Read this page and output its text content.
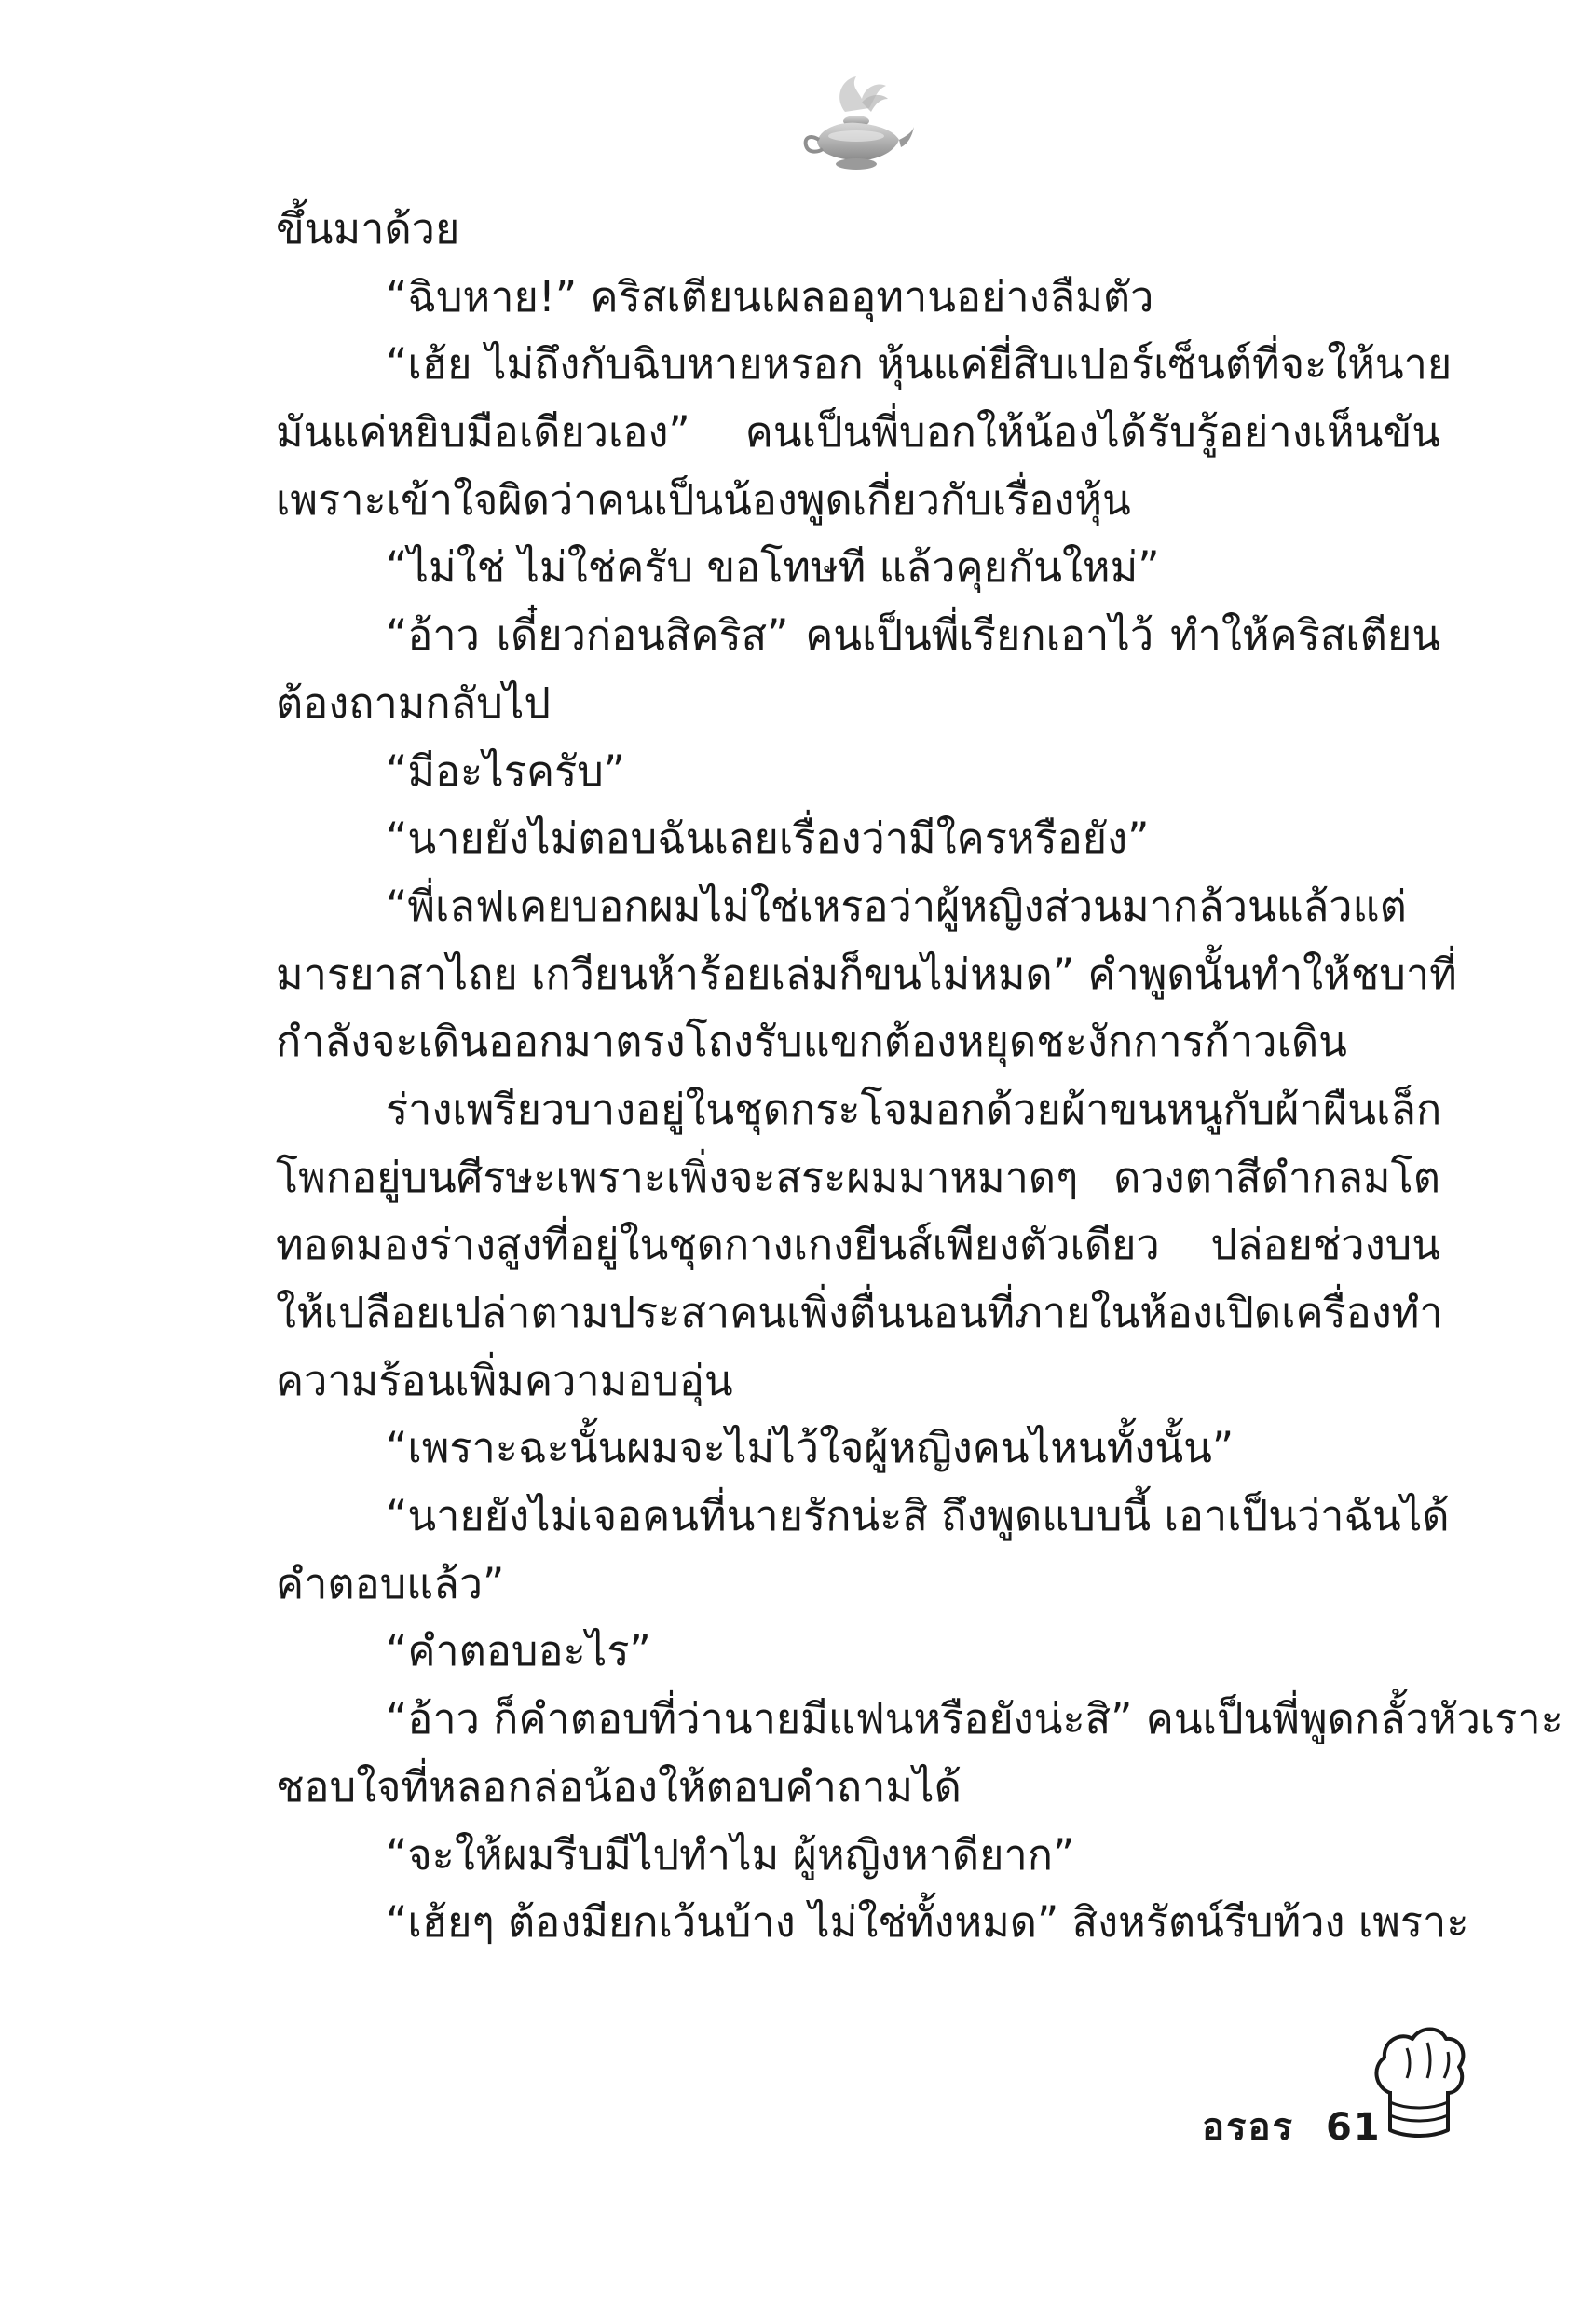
ขึ้นมาด้วย
“ฉิบหาย!” คริสเตียนเผลออุทานอย่างลืมตัว
“เฮ้ย ไม่ถึงกับฉิบหายหรอก หุ้นแค่ยี่สิบเปอร์เซ็นต์ที่จะให้นาย
มันแค่หยิบมือเดียวเอง” คนเป็นพี่บอกให้น้องได้รับรู้อย่างเห็นขัน
เพราะเข้าใจผิดว่าคนเป็นน้องพูดเกี่ยวกับเรื่องหุ้น
“ไม่ใช่ ไม่ใช่ครับ ขอโทษที แล้วคุยกันใหม่”
“อ้าว เดี๋ยวก่อนสิคริส” คนเป็นพี่เรียกเอาไว้ ทำให้คริสเตียน
ต้องถามกลับไป
“มีอะไรครับ”
“นายยังไม่ตอบฉันเลยเรื่องว่ามีใครหรือยัง”
“พี่เลฟเคยบอกผมไม่ใช่เหรอว่าผู้หญิงส่วนมากล้วนแล้วแต่
มารยาสาไถย เกวียนห้าร้อยเล่มก็ขนไม่หมด” คำพูดนั้นทำให้ชบาที่
กำลังจะเดินออกมาตรงโถงรับแขกต้องหยุดชะงักการก้าวเดิน
ร่างเพรียวบางอยู่ในชุดกระโจมอกด้วยผ้าขนหนูกับผ้าผืนเล็ก
โพกอยู่บนศีรษะเพราะเพิ่งจะสระผมมาหมาดๆ ดวงตาสีดำกลมโต
ทอดมองร่างสูงที่อยู่ในชุดกางเกงยีนส์เพียงตัวเดียว ปล่อยช่วงบน
ให้เปลือยเปล่าตามประสาคนเพิ่งตื่นนอนที่ภายในห้องเปิดเครื่องทำ
ความร้อนเพิ่มความอบอุ่น
“เพราะฉะนั้นผมจะไม่ไว้ใจผู้หญิงคนไหนทั้งนั้น”
“นายยังไม่เจอคนที่นายรักน่ะสิ ถึงพูดแบบนี้ เอาเป็นว่าฉันได้
คำตอบแล้ว”
“คำตอบอะไร”
“อ้าว ก็คำตอบที่ว่านายมีแฟนหรือยังน่ะสิ” คนเป็นพี่พูดกลั้วหัวเราะ
ชอบใจที่หลอกล่อน้องให้ตอบคำถามได้
“จะให้ผมรีบมีไปทำไม ผู้หญิงหาดียาก”
“เฮ้ยๆ ต้องมียกเว้นบ้าง ไม่ใช่ทั้งหมด” สิงหรัตน์รีบท้วง เพราะ
อรอร 61
